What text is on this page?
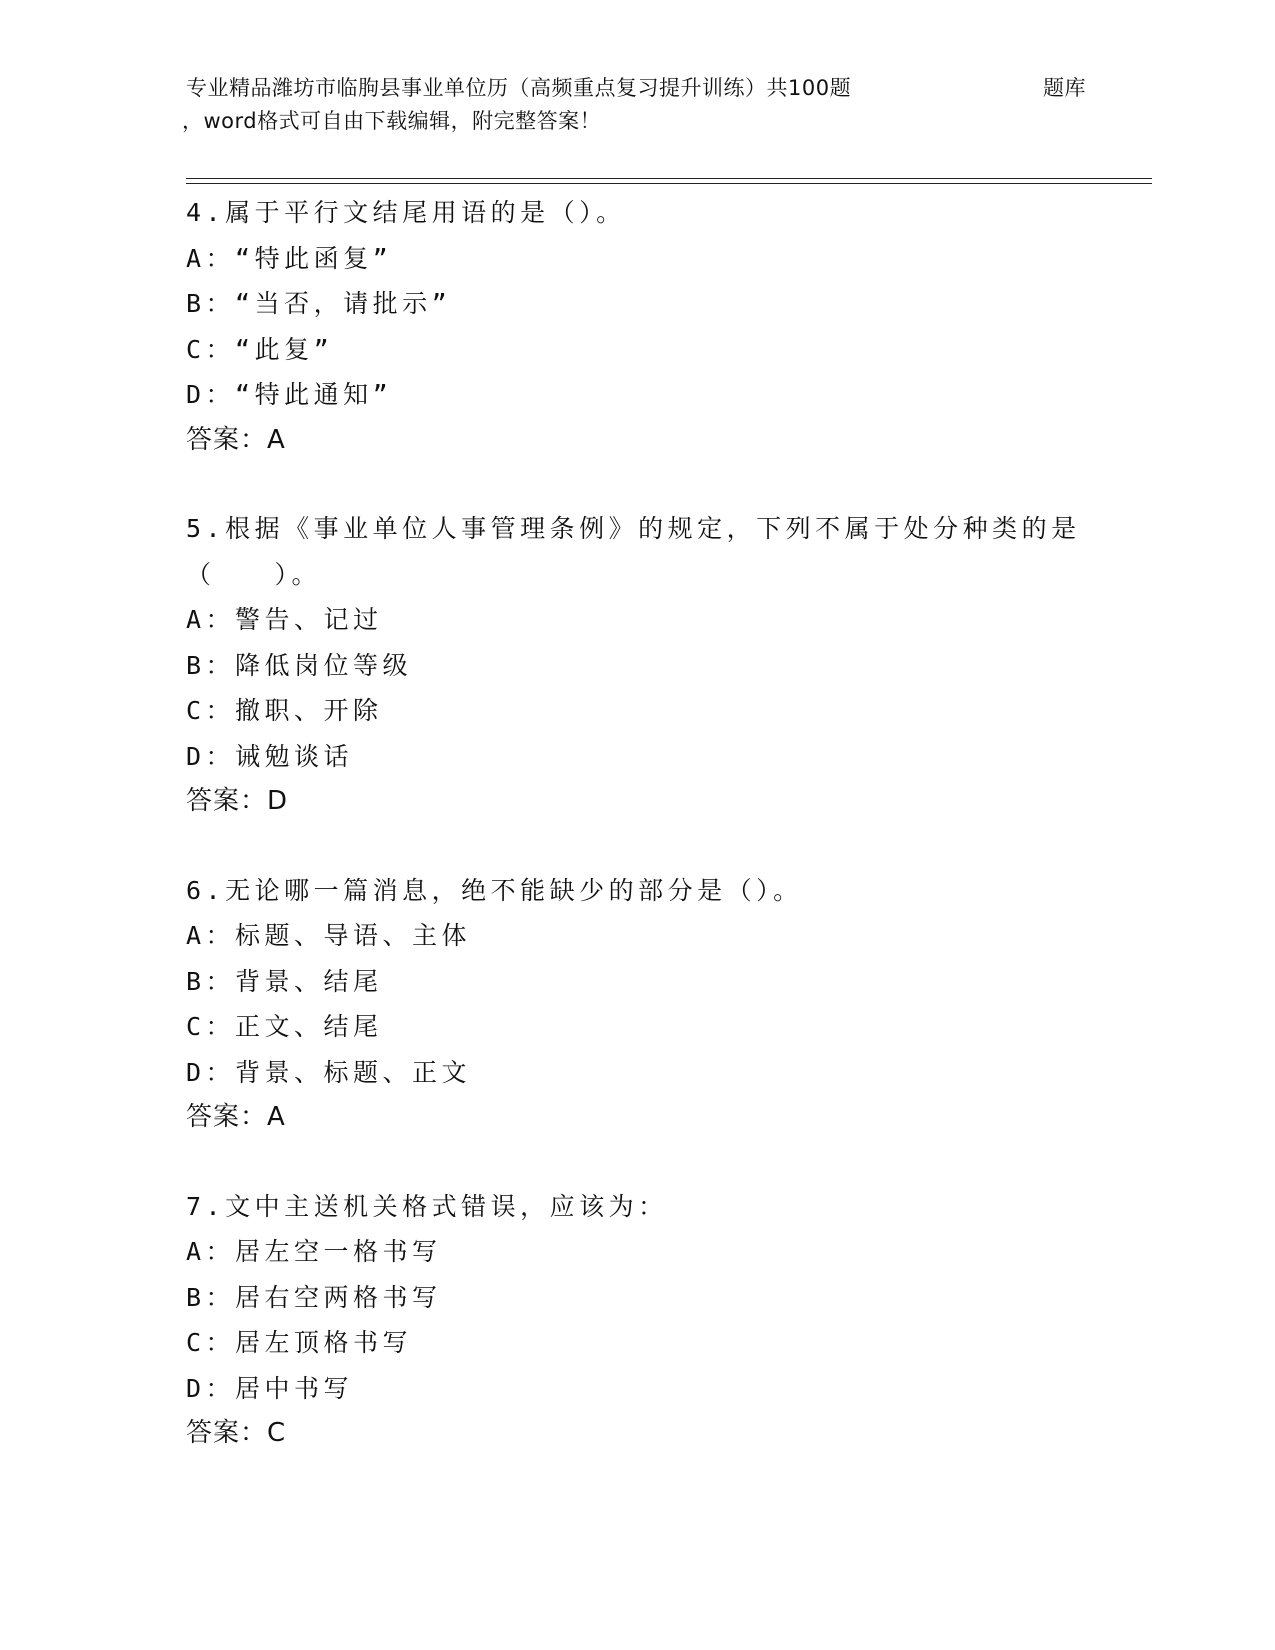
专业精品潍坊市临朐县事业单位历（高频重点复习提升训练）共100题	题库
，word格式可自由下载编辑，附完整答案！
4.属于平行文结尾用语的是（）。
A：“特此函复”
B：“当否，请批示”
C：“此复”
D：“特此通知”
答案：A
5.根据《事业单位人事管理条例》的规定，下列不属于处分种类的是
（　　）。
A：警告、记过
B：降低岗位等级
C：撤职、开除
D：诫勉谈话
答案：D
6.无论哪一篇消息，绝不能缺少的部分是（）。
A：标题、导语、主体
B：背景、结尾
C：正文、结尾
D：背景、标题、正文
答案：A
7.文中主送机关格式错误，应该为：
A：居左空一格书写
B：居右空两格书写
C：居左顶格书写
D：居中书写
答案：C
